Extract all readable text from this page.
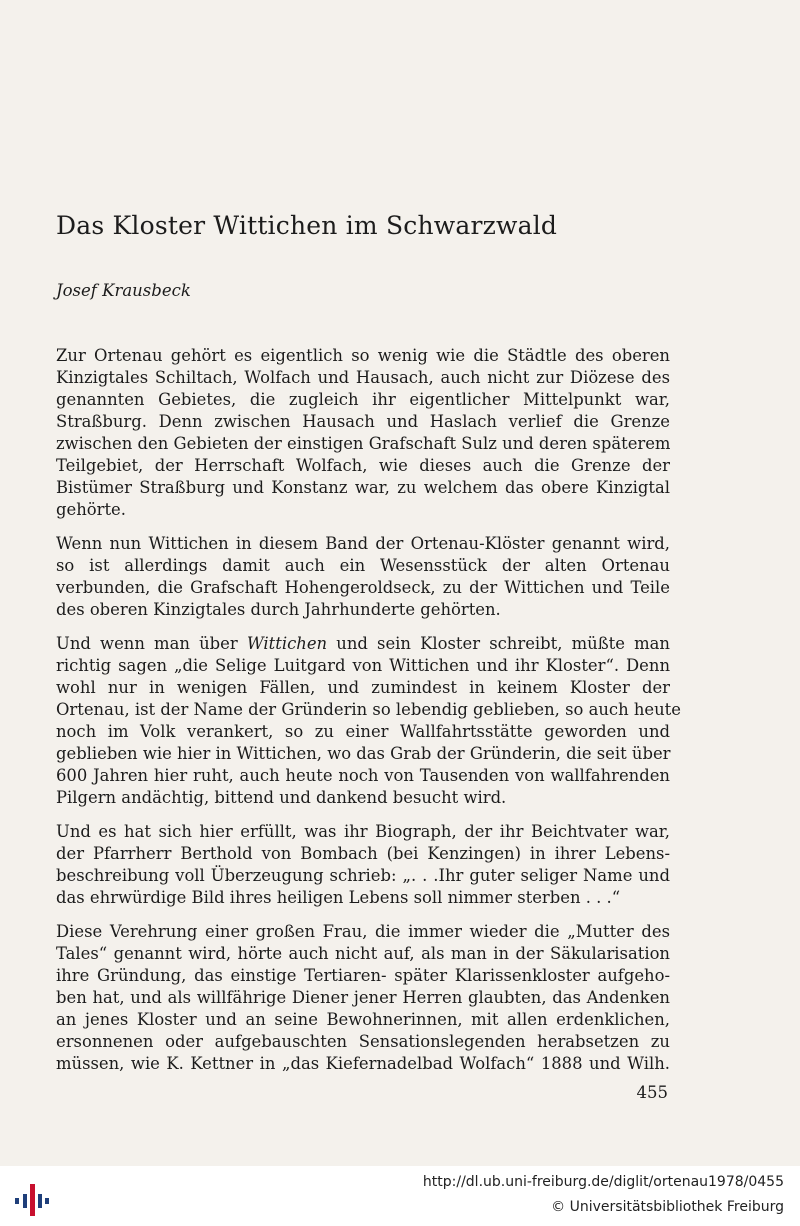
Das Kloster Wittichen im Schwarzwald
Josef Krausbeck

Zur Ortenau gehört es eigentlich so wenig wie die Städtle des oberen
Kinzigtales Schiltach, Wolfach und Hausach, auch nicht zur Diözese des
genannten Gebietes, die zugleich ihr eigentlicher Mittelpunkt war,
Straßburg. Denn zwischen Hausach und Haslach verlief die Grenze
zwischen den Gebieten der einstigen Grafschaft Sulz und deren späterem
Teilgebiet, der Herrschaft Wolfach, wie dieses auch die Grenze der
Bistümer Straßburg und Konstanz war, zu welchem das obere Kinzigtal
gehörte.

Wenn nun Wittichen in diesem Band der Ortenau-Klöster genannt wird,
so ist allerdings damit auch ein Wesensstück der alten Ortenau
verbunden, die Grafschaft Hohengeroldseck, zu der Wittichen und Teile
des oberen Kinzigtales durch Jahrhunderte gehörten.

Und wenn man über Wittichen und sein Kloster schreibt, müßte man
richtig sagen „die Selige Luitgard von Wittichen und ihr Kloster“. Denn
wohl nur in wenigen Fällen, und zumindest in keinem Kloster der
Ortenau, ist der Name der Gründerin so lebendig geblieben, so auch heute
noch im Volk verankert, so zu einer Wallfahrtsstätte geworden und
geblieben wie hier in Wittichen, wo das Grab der Gründerin, die seit über
600 Jahren hier ruht, auch heute noch von Tausenden von wallfahrenden
Pilgern andächtig, bittend und dankend besucht wird.

Und es hat sich hier erfüllt, was ihr Biograph, der ihr Beichtvater war,
der Pfarrherr Berthold von Bombach (bei Kenzingen) in ihrer Lebens-
beschreibung voll Überzeugung schrieb: „. . .Ihr guter seliger Name und
das ehrwürdige Bild ihres heiligen Lebens soll nimmer sterben . . .“

Diese Verehrung einer großen Frau, die immer wieder die „Mutter des
Tales“ genannt wird, hörte auch nicht auf, als man in der Säkularisation
ihre Gründung, das einstige Tertiaren- später Klarissenkloster aufgeho-
ben hat, und als willfährige Diener jener Herren glaubten, das Andenken
an jenes Kloster und an seine Bewohnerinnen, mit allen erdenklichen,
ersonnenen oder aufgebauschten Sensationslegenden herabsetzen zu
müssen, wie K. Kettner in „das Kiefernadelbad Wolfach“ 1888 und Wilh.

455
http://dl.ub.uni-freiburg.de/diglit/ortenau1978/0455
© Universitätsbibliothek Freiburg
